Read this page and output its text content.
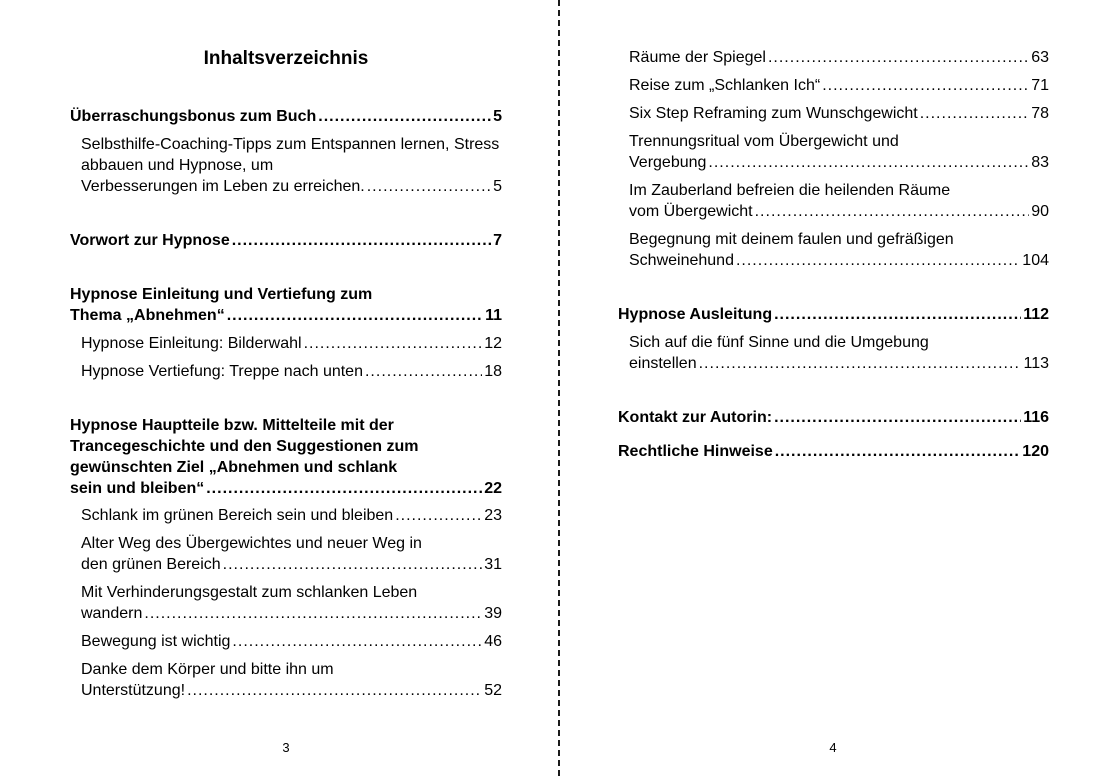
Inhaltsverzeichnis
Überraschungsbonus zum Buch .....	5
Selbsthilfe-Coaching-Tipps zum Entspannen lernen, Stress abbauen und Hypnose, um
Verbesserungen im Leben zu erreichen. .....	5
Vorwort zur Hypnose .....	7
Hypnose Einleitung und Vertiefung zum
Thema „Abnehmen“ .....	11
Hypnose Einleitung: Bilderwahl .....	12
Hypnose Vertiefung: Treppe nach unten .....	18
Hypnose Hauptteile bzw. Mittelteile mit der Trancegeschichte und den Suggestionen zum gewünschten Ziel „Abnehmen und schlank
sein und bleiben“ .....	22
Schlank im grünen Bereich sein und bleiben .....	23
Alter Weg des Übergewichtes und neuer Weg in
den grünen Bereich .....	31
Mit Verhinderungsgestalt zum schlanken Leben
wandern .....	39
Bewegung ist wichtig .....	46
Danke dem Körper und bitte ihn um
Unterstützung! .....	52
3
Räume der Spiegel .....	63
Reise zum „Schlanken Ich“ .....	71
Six Step Reframing zum Wunschgewicht .....	78
Trennungsritual vom Übergewicht und
Vergebung .....	83
Im Zauberland befreien die heilenden Räume
vom Übergewicht .....	90
Begegnung mit deinem faulen und gefräßigen
Schweinehund .....	104
Hypnose Ausleitung .....	112
Sich auf die fünf Sinne und die Umgebung
einstellen .....	113
Kontakt zur Autorin: .....	116
Rechtliche Hinweise .....	120
4
